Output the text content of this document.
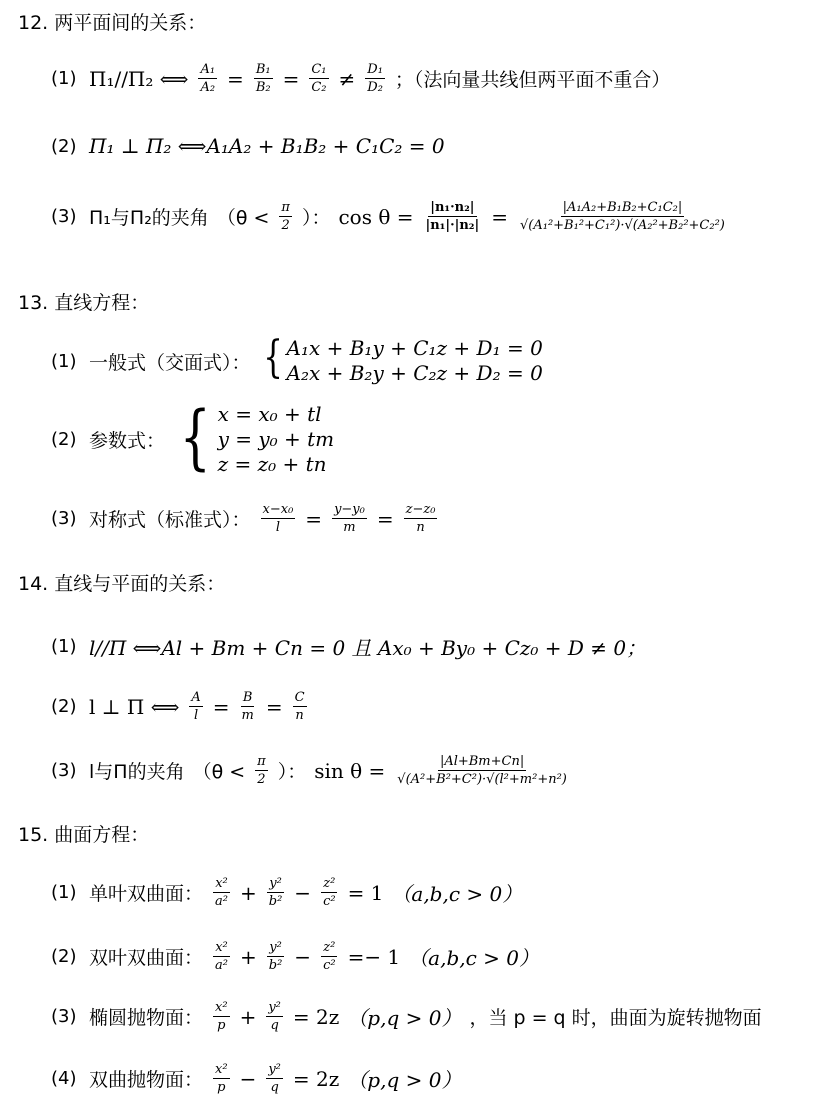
12. 两平面间的关系：
(1) Π₁//Π₂ ⟺ $\frac{\text{A₁}}{\text{A₂}} = \frac{\text{B₁}}{\text{B₂}} = \frac{\text{C₁}}{\text{C₂}} \ne \frac{\text{D₁}}{\text{D₂}}$ ；（法向量共线但两平面不重合）
(2) Π₁ ⊥ Π₂ ⟺A₁A₂ + B₁B₂ + C₁C₂ = 0
(3) Π₁与Π₂的夹角 （$\theta < \frac{\pi}{2}$ ）： $\cos \theta = \frac{\text{|n₁·n₂|}}{\text{|n₁|·|n₂|}} = \frac{\text{|A₁A₂+B₁B₂+C₁C₂|}}{\text{√(A₁²+B₁²+C₁²)·√(A₂²+B₂²+C₂²)}}$
13. 直线方程：
(1) 一般式（交面式）： { A₁x + B₁y + C₁z + D₁ = 0
A₂x + B₂y + C₂z + D₂ = 0
(2) 参数式： { x = x₀ + tl
y = y₀ + tm
z = z₀ + tn
(3) 对称式（标准式）： $\frac{\text{x−x₀}}{l} = \frac{\text{y−y₀}}{m} = \frac{\text{z−z₀}}{n}$
14. 直线与平面的关系：
(1) l//Π ⟺Al + Bm + Cn = 0 且 Ax₀ + By₀ + Cz₀ + D ≠ 0；
(2) l ⊥ Π ⟺ $\frac{A}{l} = \frac{B}{m} = \frac{C}{n}$
(3) l与Π的夹角 （$\theta < \frac{\pi}{2}$ ）： $\sin \theta = \frac{|Al+Bm+Cn|}{\text{√(A²+B²+C²)·√(l²+m²+n²)}}$
15. 曲面方程：
(1) 单叶双曲面： $\frac{\text{x²}}{\text{a²}} + \frac{\text{y²}}{\text{b²}} - \frac{\text{z²}}{\text{c²}} = 1$ （a,b,c > 0）
(2) 双叶双曲面： $\frac{\text{x²}}{\text{a²}} + \frac{\text{y²}}{\text{b²}} - \frac{\text{z²}}{\text{c²}} =- 1$ （a,b,c > 0）
(3) 椭圆抛物面： $\frac{\text{x²}}{p} + \frac{\text{y²}}{q} = 2z$ （p,q > 0） ，当 p = q 时，曲面为旋转抛物面
(4) 双曲抛物面： $\frac{\text{x²}}{p} - \frac{\text{y²}}{q} = 2z$ （p,q > 0）
